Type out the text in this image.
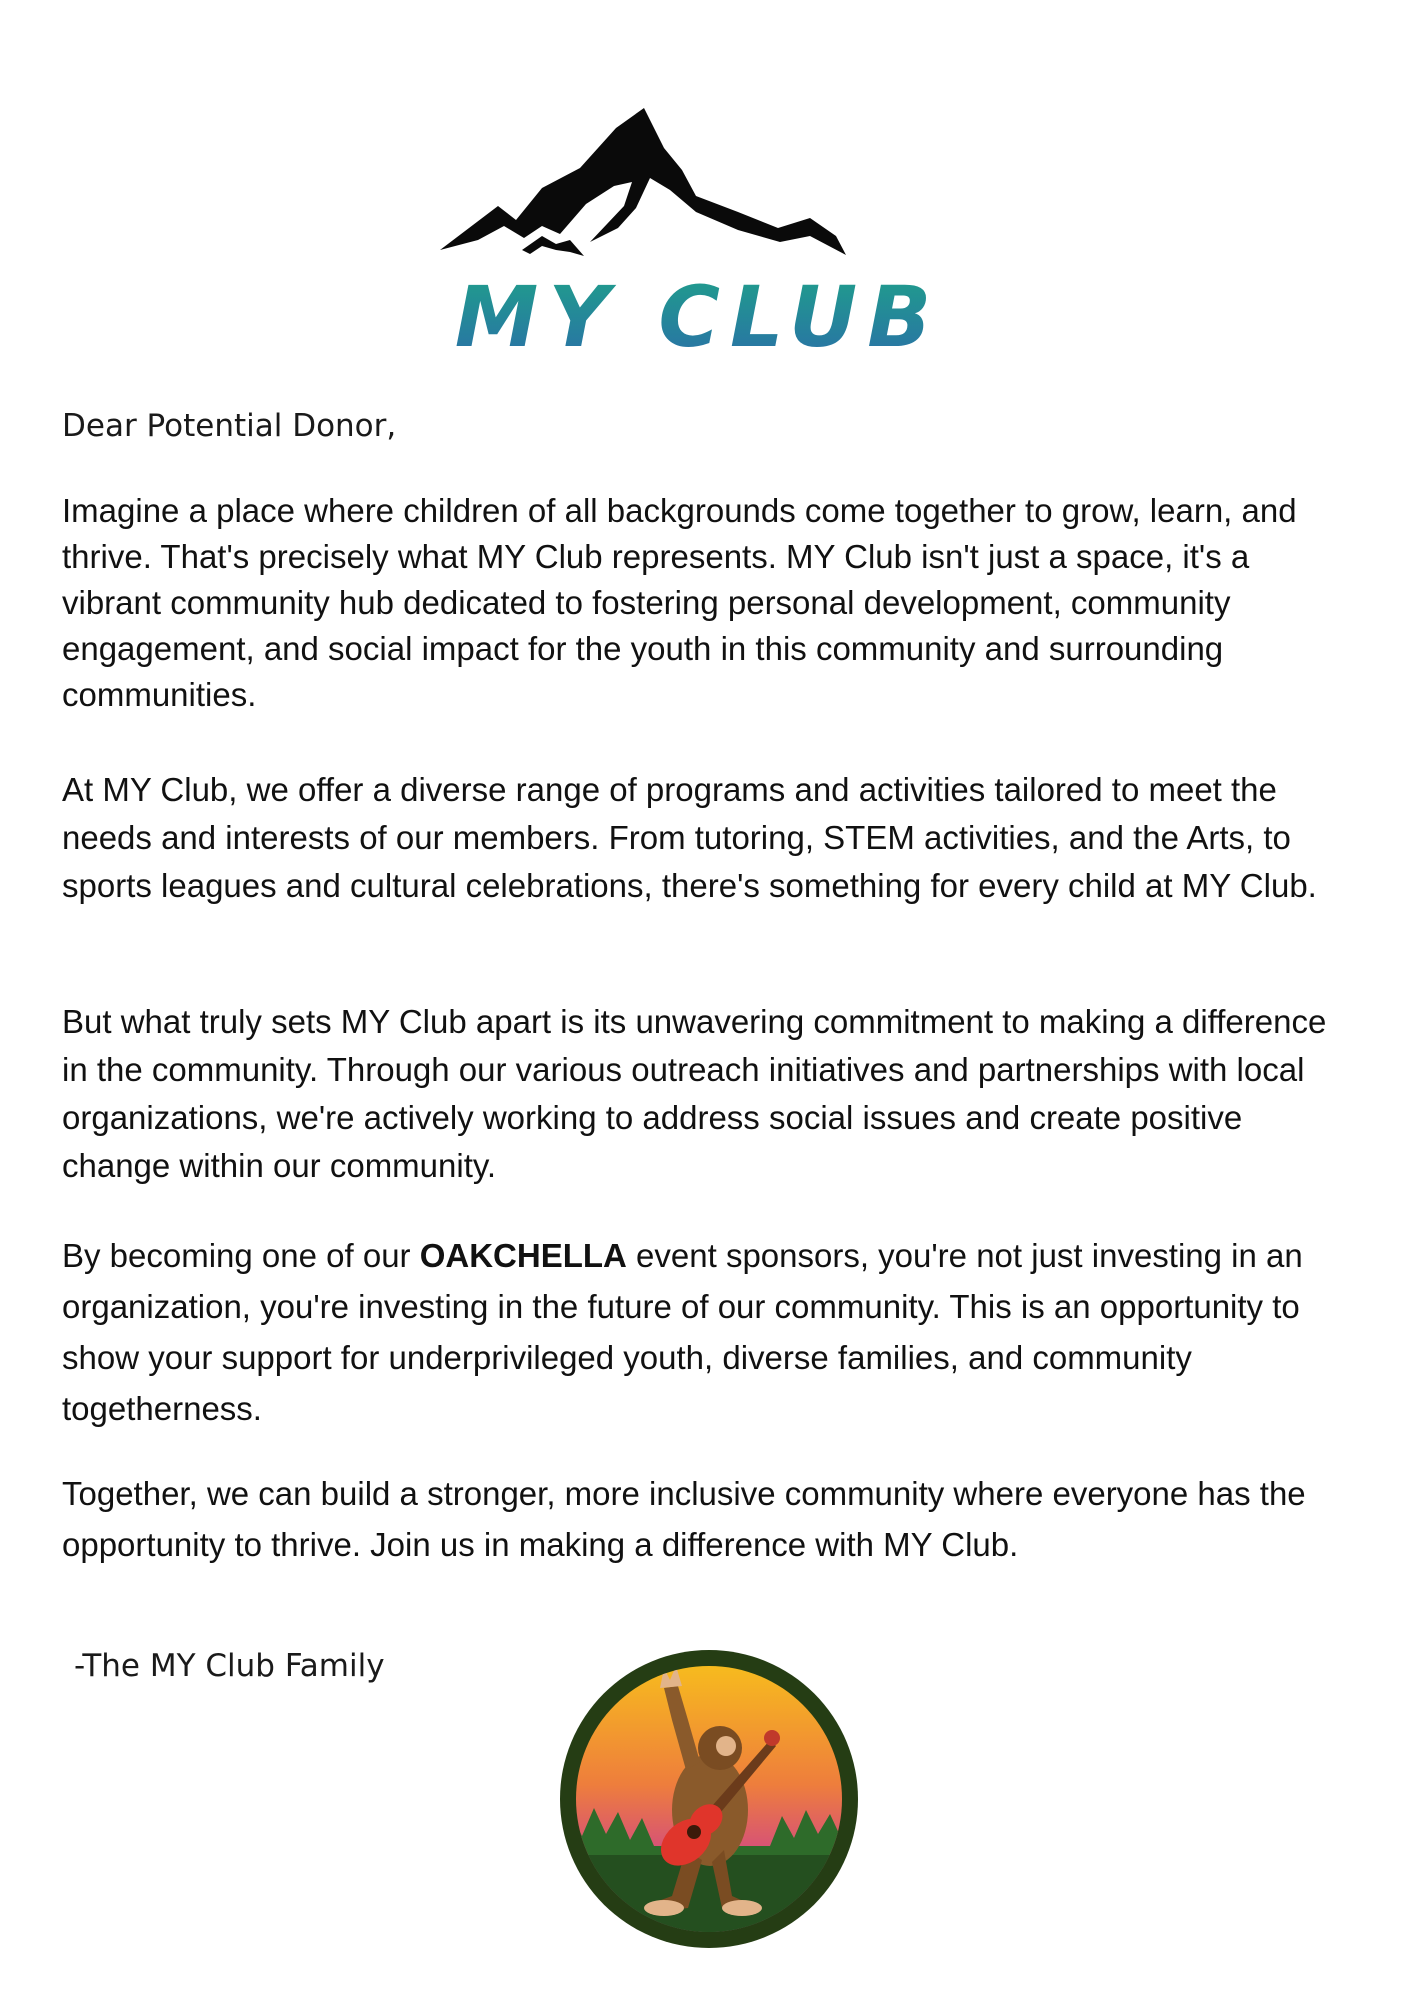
MY CLUB

Dear Potential Donor,

Imagine a place where children of all backgrounds come together to grow, learn, and thrive. That's precisely what MY Club represents. MY Club isn't just a space, it's a vibrant community hub dedicated to fostering personal development, community engagement, and social impact for the youth in this community and surrounding communities.

At MY Club, we offer a diverse range of programs and activities tailored to meet the needs and interests of our members. From tutoring, STEM activities, and the Arts, to sports leagues and cultural celebrations, there's something for every child at MY Club.

But what truly sets MY Club apart is its unwavering commitment to making a difference in the community. Through our various outreach initiatives and partnerships with local organizations, we're actively working to address social issues and create positive change within our community.

By becoming one of our OAKCHELLA event sponsors, you're not just investing in an organization, you're investing in the future of our community. This is an opportunity to show your support for underprivileged youth, diverse families, and community togetherness.

Together, we can build a stronger, more inclusive community where everyone has the opportunity to thrive. Join us in making a difference with MY Club.

-The MY Club Family
